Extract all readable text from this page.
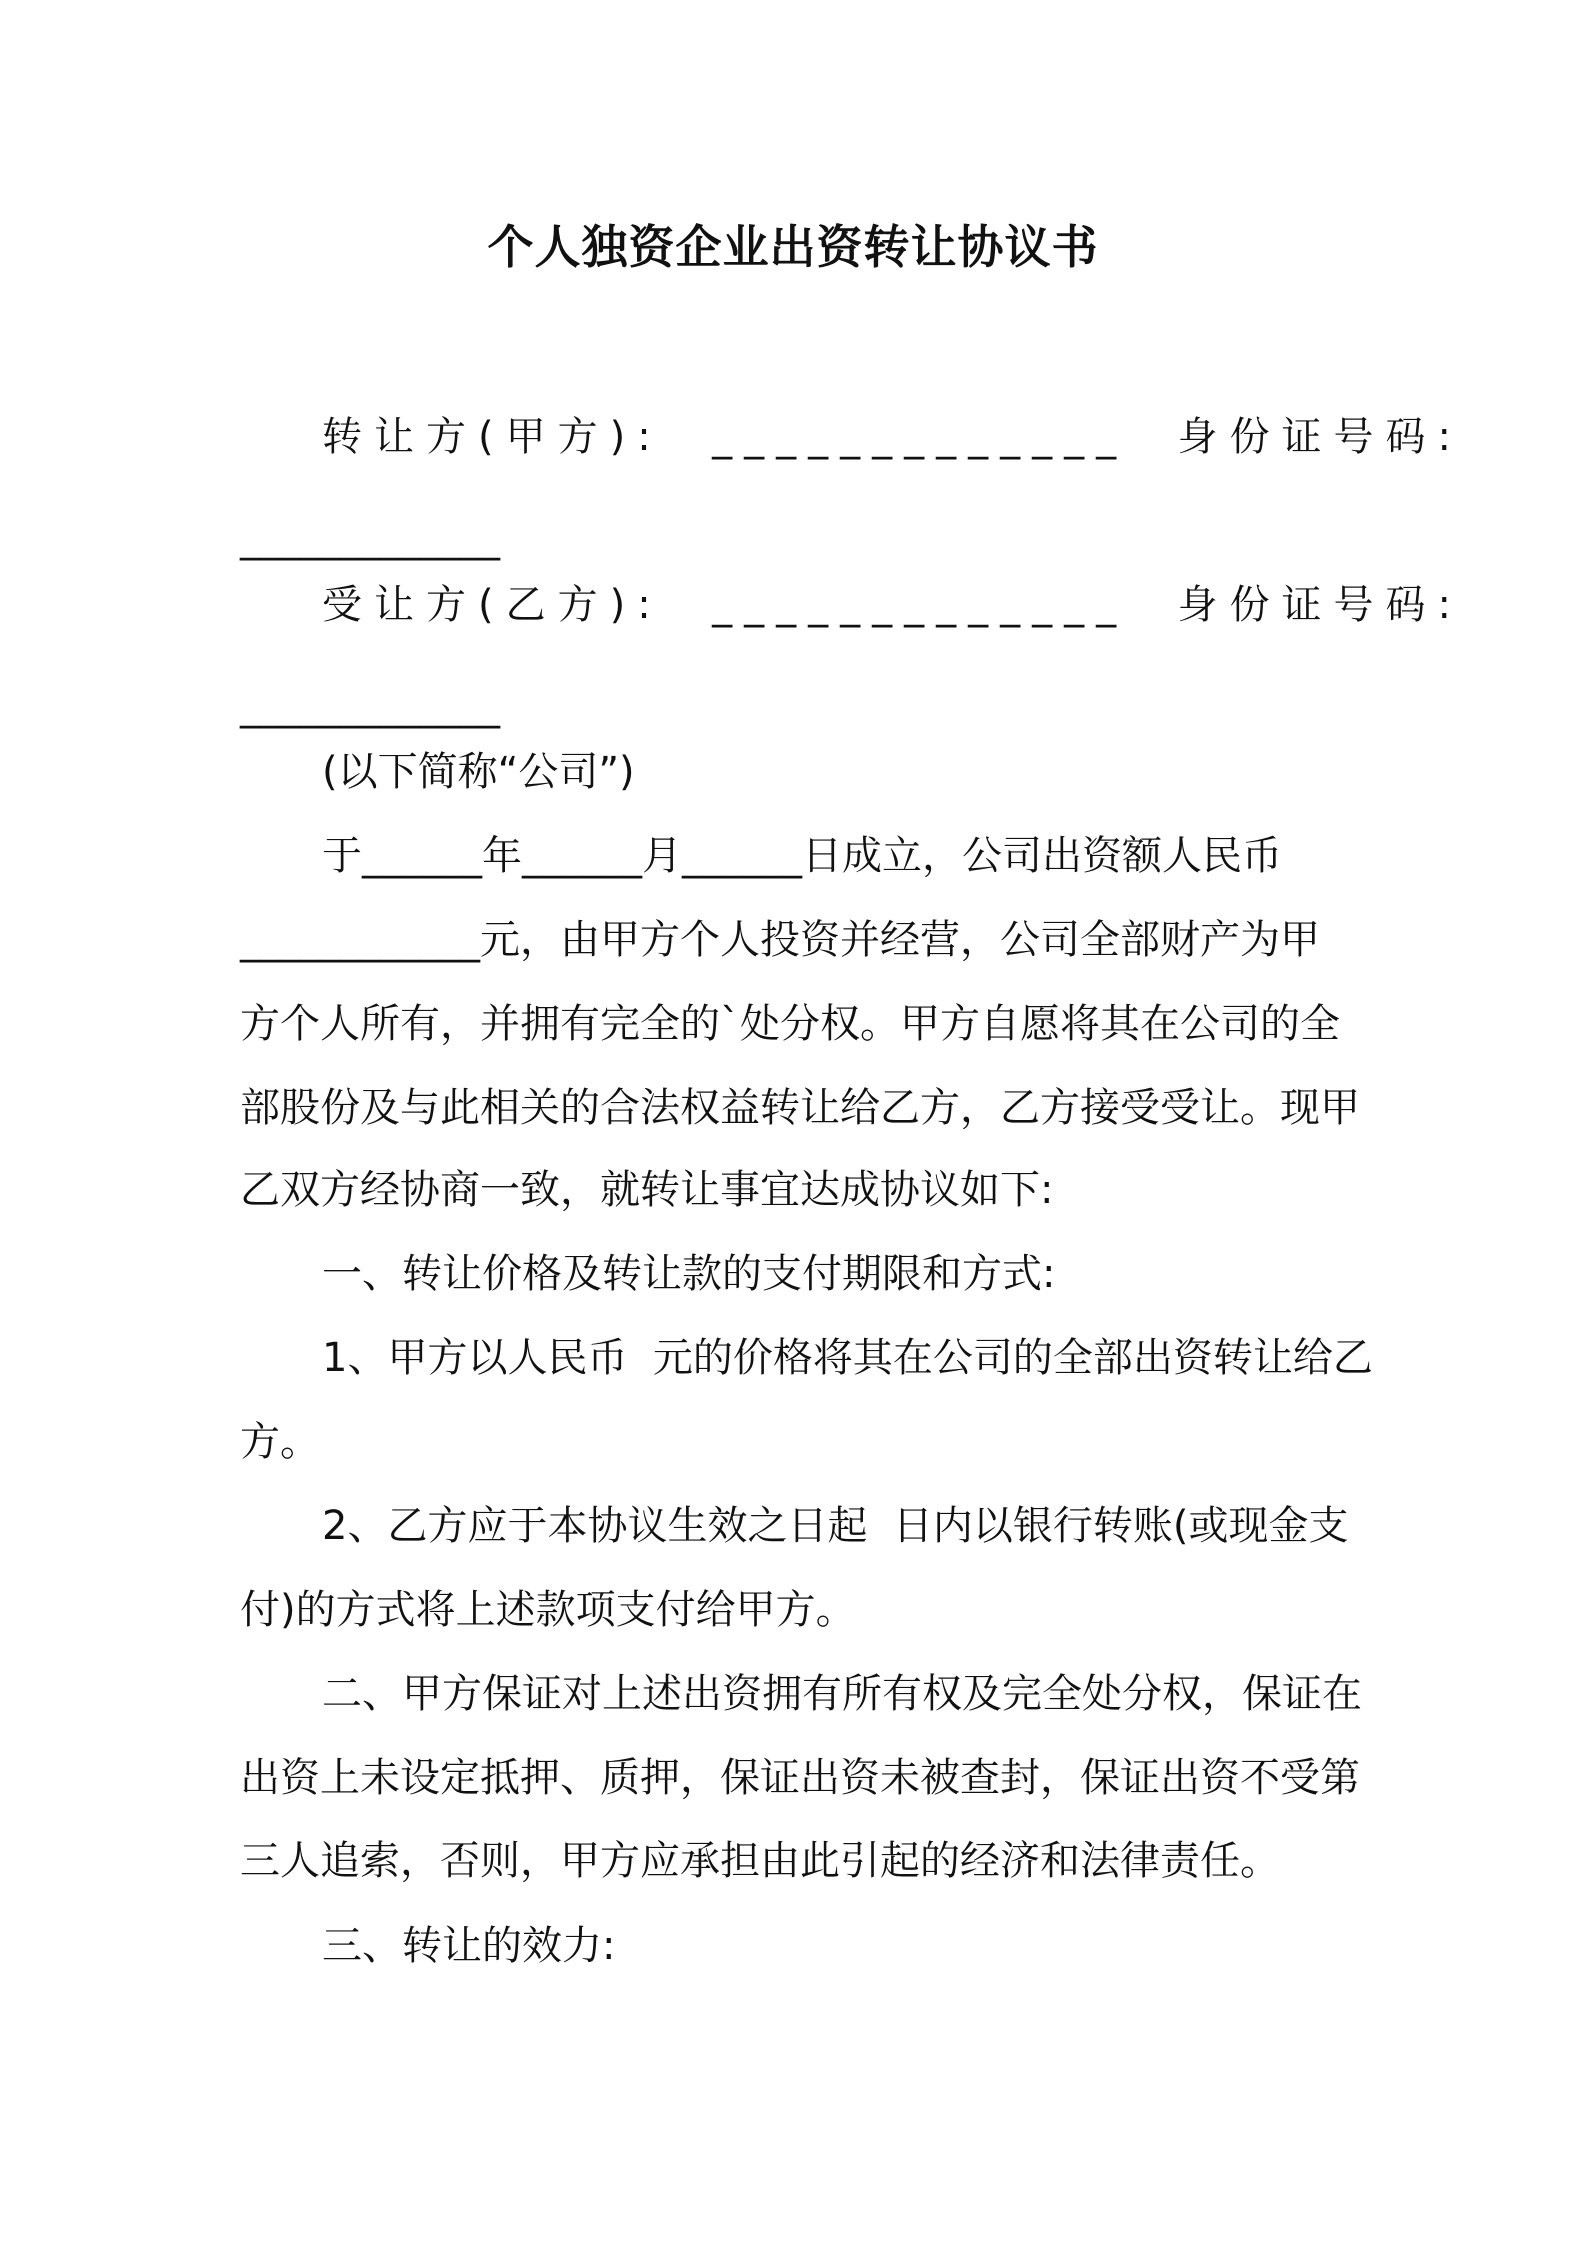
个人独资企业出资转让协议书
转让方(甲方):  _____________  身份证号码:
_____________
受让方(乙方):  _____________  身份证号码:
_____________
(以下简称“公司”)
于______年______月______日成立，公司出资额人民币
____________元，由甲方个人投资并经营，公司全部财产为甲
方个人所有，并拥有完全的`处分权。甲方自愿将其在公司的全
部股份及与此相关的合法权益转让给乙方，乙方接受受让。现甲
乙双方经协商一致，就转让事宜达成协议如下:
一、转让价格及转让款的支付期限和方式:
1、甲方以人民币  元的价格将其在公司的全部出资转让给乙
方。
2、乙方应于本协议生效之日起  日内以银行转账(或现金支
付)的方式将上述款项支付给甲方。
二、甲方保证对上述出资拥有所有权及完全处分权，保证在
出资上未设定抵押、质押，保证出资未被查封，保证出资不受第
三人追索，否则，甲方应承担由此引起的经济和法律责任。
三、转让的效力:
